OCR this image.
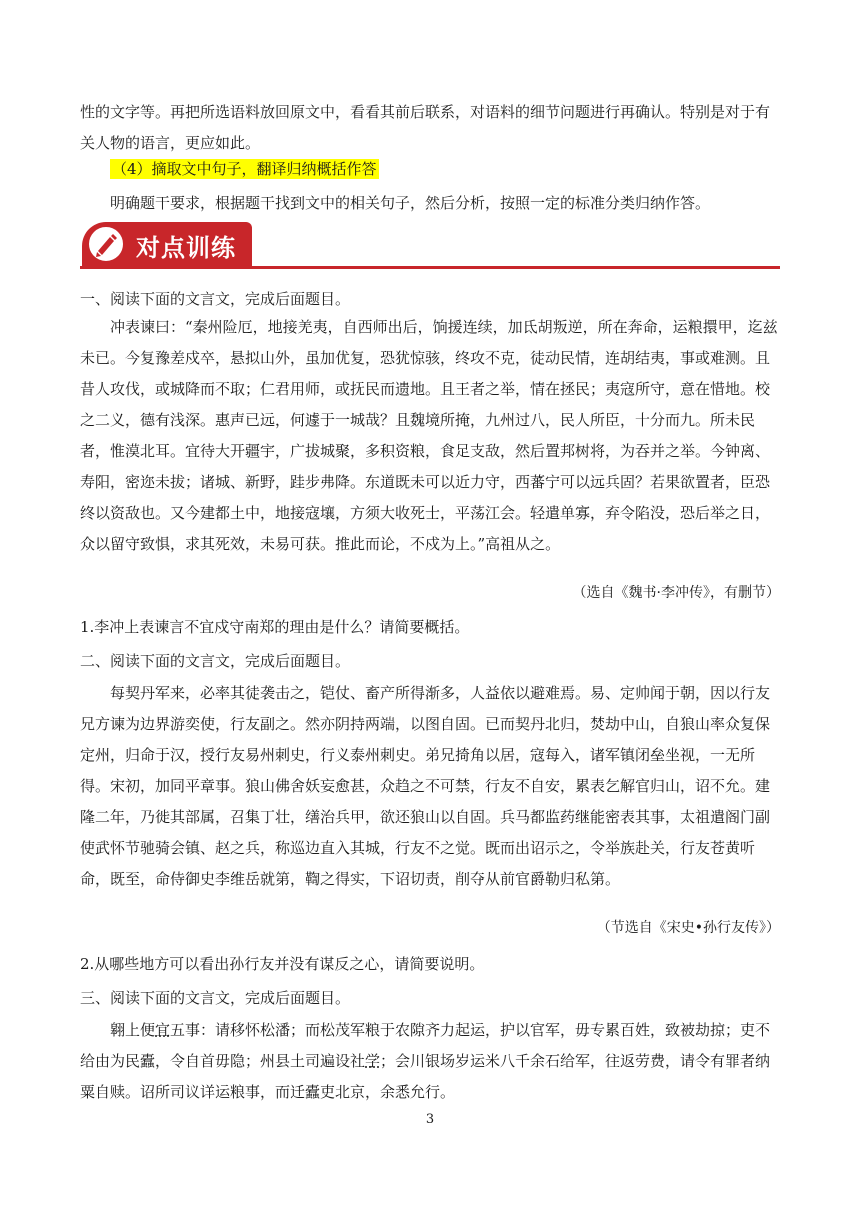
性的文字等。再把所选语料放回原文中，看看其前后联系，对语料的细节问题进行再确认。特别是对于有关人物的语言，更应如此。

（4）摘取文中句子，翻译归纳概括作答

明确题干要求，根据题干找到文中的相关句子，然后分析，按照一定的标准分类归纳作答。

对点训练

一、阅读下面的文言文，完成后面题目。

冲表谏曰：“秦州险厄，地接羌夷，自西师出后，饷援连续，加氐胡叛逆，所在奔命，运粮擐甲，迄兹未已。今复豫差戍卒，悬拟山外，虽加优复，恐犹惊骇，终攻不克，徒动民情，连胡结夷，事或难测。且昔人攻伐，或城降而不取；仁君用师，或抚民而遗地。且王者之举，情在拯民；夷寇所守，意在惜地。校之二义，德有浅深。惠声已远，何遽于一城哉？且魏境所掩，九州过八，民人所臣，十分而九。所未民者，惟漠北耳。宜待大开疆宇，广拔城聚，多积资粮，食足支敌，然后置邦树将，为吞并之举。今钟离、寿阳，密迩未拔；诸城、新野，跬步弗降。东道既未可以近力守，西蕃宁可以远兵固？若果欲置者，臣恐终以资敌也。又今建都土中，地接寇壤，方须大收死士，平荡江会。轻遣单寡，弃令陷没，恐后举之日，众以留守致惧，求其死效，未易可获。推此而论，不戍为上。”高祖从之。

（选自《魏书·李冲传》，有删节）
1.李冲上表谏言不宜戍守南郑的理由是什么？请简要概括。

二、阅读下面的文言文，完成后面题目。

每契丹军来，必率其徒袭击之，铠仗、畜产所得渐多，人益依以避难焉。易、定帅闻于朝，因以行友兄方谏为边界游奕使，行友副之。然亦阴持两端，以图自固。已而契丹北归，焚劫中山，自狼山率众复保定州，归命于汉，授行友易州刺史，行义泰州刺史。弟兄掎角以居，寇每入，诸军镇闭垒坐视，一无所得。 宋初，加同平章事。狼山佛舍妖妄愈甚，众趋之不可禁，行友不自安，累表乞解官归山，诏不允。建隆二年，乃徙其部属，召集丁壮，缮治兵甲，欲还狼山以自固。兵马都监药继能密表其事，太祖遣阁门副使武怀节驰骑会镇、赵之兵，称巡边直入其城，行友不之觉。既而出诏示之，令举族赴关，行友苍黄听命，既至，命侍御史李维岳就第，鞫之得实，下诏切责，削夺从前官爵勒归私第。

（节选自《宋史•孙行友传》）
2.从哪些地方可以看出孙行友并没有谋反之心，请简要说明。

三、阅读下面的文言文，完成后面题目。

翱上便宜五事：请移怀松潘；而松茂军粮于农隙齐力起运，护以官军，毋专累百姓，致被劫掠；吏不给由为民蠹，令自首毋隐；州县土司遍设社学；会川银场岁运米八千余石给军，往返劳费，请令有罪者纳粟自赎。诏所司议详运粮事，而迁蠹吏北京，余悉允行。

3
